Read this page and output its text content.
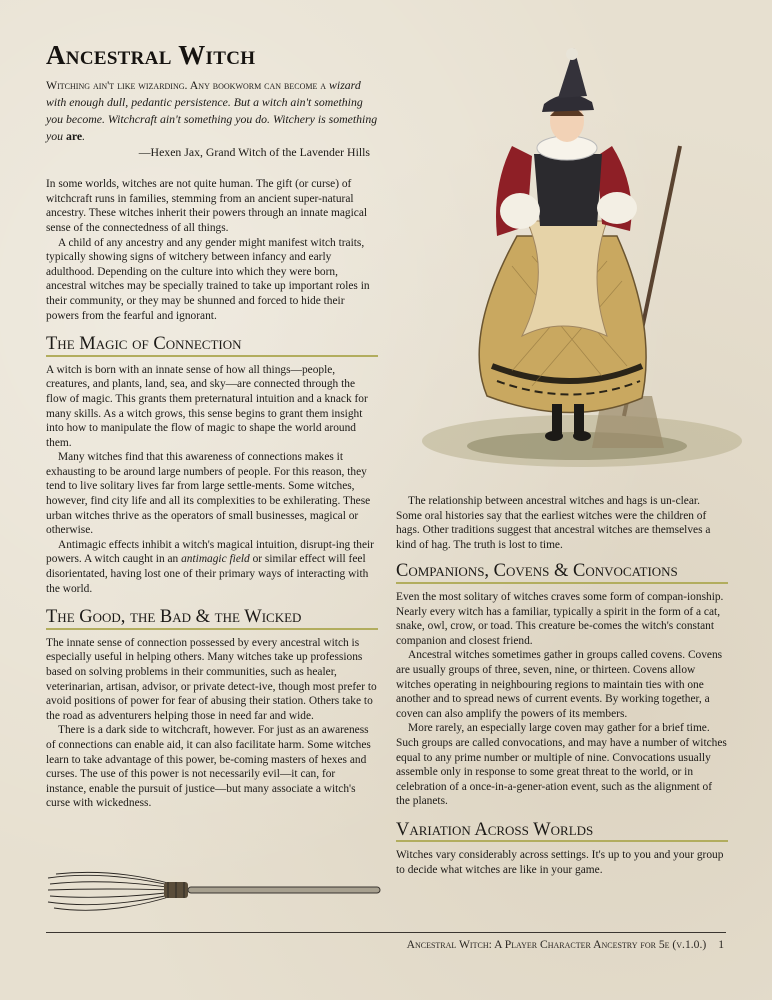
Ancestral Witch

Witching ain't like wizarding. Any bookworm can become a wizard with enough dull, pedantic persistence. But a witch ain't something you become. Witchcraft ain't something you do. Witchery is something you are.

—Hexen Jax, Grand Witch of the Lavender Hills

In some worlds, witches are not quite human. The gift (or curse) of witchcraft runs in families, stemming from an ancient super-natural ancestry. These witches inherit their powers through an innate magical sense of the connectedness of all things.

A child of any ancestry and any gender might manifest witch traits, typically showing signs of witchery between infancy and early adulthood. Depending on the culture into which they were born, ancestral witches may be specially trained to take up important roles in their community, or they may be shunned and forced to hide their powers from the fearful and ignorant.

The Magic of Connection

A witch is born with an innate sense of how all things—people, creatures, and plants, land, sea, and sky—are connected through the flow of magic. This grants them preternatural intuition and a knack for many skills. As a witch grows, this sense begins to grant them insight into how to manipulate the flow of magic to shape the world around them.

Many witches find that this awareness of connections makes it exhausting to be around large numbers of people. For this reason, they tend to live solitary lives far from large settle-ments. Some witches, however, find city life and all its complexities to be exhilerating. These urban witches thrive as the operators of small businesses, magical or otherwise.

Antimagic effects inhibit a witch's magical intuition, disrupt-ing their powers. A witch caught in an antimagic field or similar effect will feel disorientated, having lost one of their primary ways of interacting with the world.

The Good, the Bad & the Wicked

The innate sense of connection possessed by every ancestral witch is especially useful in helping others. Many witches take up professions based on solving problems in their communities, such as healer, veterinarian, artisan, advisor, or private detect-ive, though most prefer to avoid positions of power for fear of abusing their station. Others take to the road as adventurers helping those in need far and wide.

There is a dark side to witchcraft, however. For just as an awareness of connections can enable aid, it can also facilitate harm. Some witches learn to take advantage of this power, be-coming masters of hexes and curses. The use of this power is not necessarily evil—it can, for instance, enable the pursuit of justice—but many associate a witch's curse with wickedness.

The relationship between ancestral witches and hags is un-clear. Some oral histories say that the earliest witches were the children of hags. Other traditions suggest that ancestral witches are themselves a kind of hag. The truth is lost to time.

Companions, Covens & Convocations

Even the most solitary of witches craves some form of compan-ionship. Nearly every witch has a familiar, typically a spirit in the form of a cat, snake, owl, crow, or toad. This creature be-comes the witch's constant companion and closest friend.

Ancestral witches sometimes gather in groups called covens. Covens are usually groups of three, seven, nine, or thirteen. Covens allow witches operating in neighbouring regions to maintain ties with one another and to spread news of current events. By working together, a coven can also amplify the powers of its members.

More rarely, an especially large coven may gather for a brief time. Such groups are called convocations, and may have a number of witches equal to any prime number or multiple of nine. Convocations usually assemble only in response to some great threat to the world, or in celebration of a once-in-a-gener-ation event, such as the alignment of the planets.

Variation Across Worlds

Witches vary considerably across settings. It's up to you and your group to decide what witches are like in your game.

Ancestral Witch: A Player Character Ancestry for 5e (v.1.0.) 1
